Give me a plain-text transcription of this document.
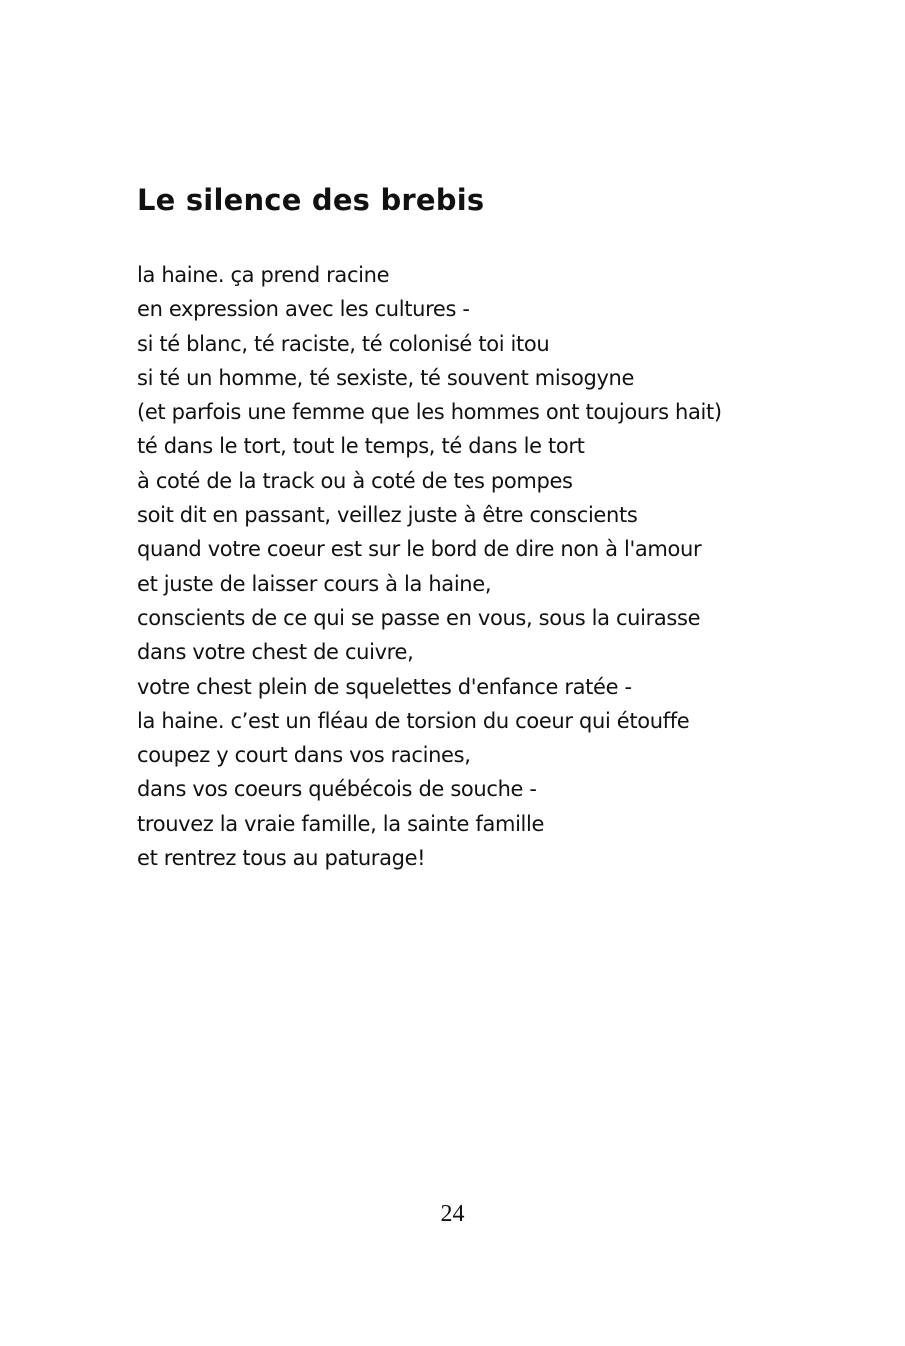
Le silence des brebis
la haine. ça prend racine
en expression avec les cultures -
si té blanc, té raciste, té colonisé toi itou
si té un homme, té sexiste, té souvent misogyne
(et parfois une femme que les hommes ont toujours hait)
té dans le tort, tout le temps, té dans le tort
à coté de la track ou à coté de tes pompes
soit dit en passant, veillez juste à être conscients
quand votre coeur est sur le bord de dire non à l'amour
et juste de laisser cours à la haine,
conscients de ce qui se passe en vous, sous la cuirasse
dans votre chest de cuivre,
votre chest plein de squelettes d'enfance ratée -
la haine. c’est un fléau de torsion du coeur qui étouffe
coupez y court dans vos racines,
dans vos coeurs québécois de souche -
trouvez la vraie famille, la sainte famille
et rentrez tous au paturage!
24
